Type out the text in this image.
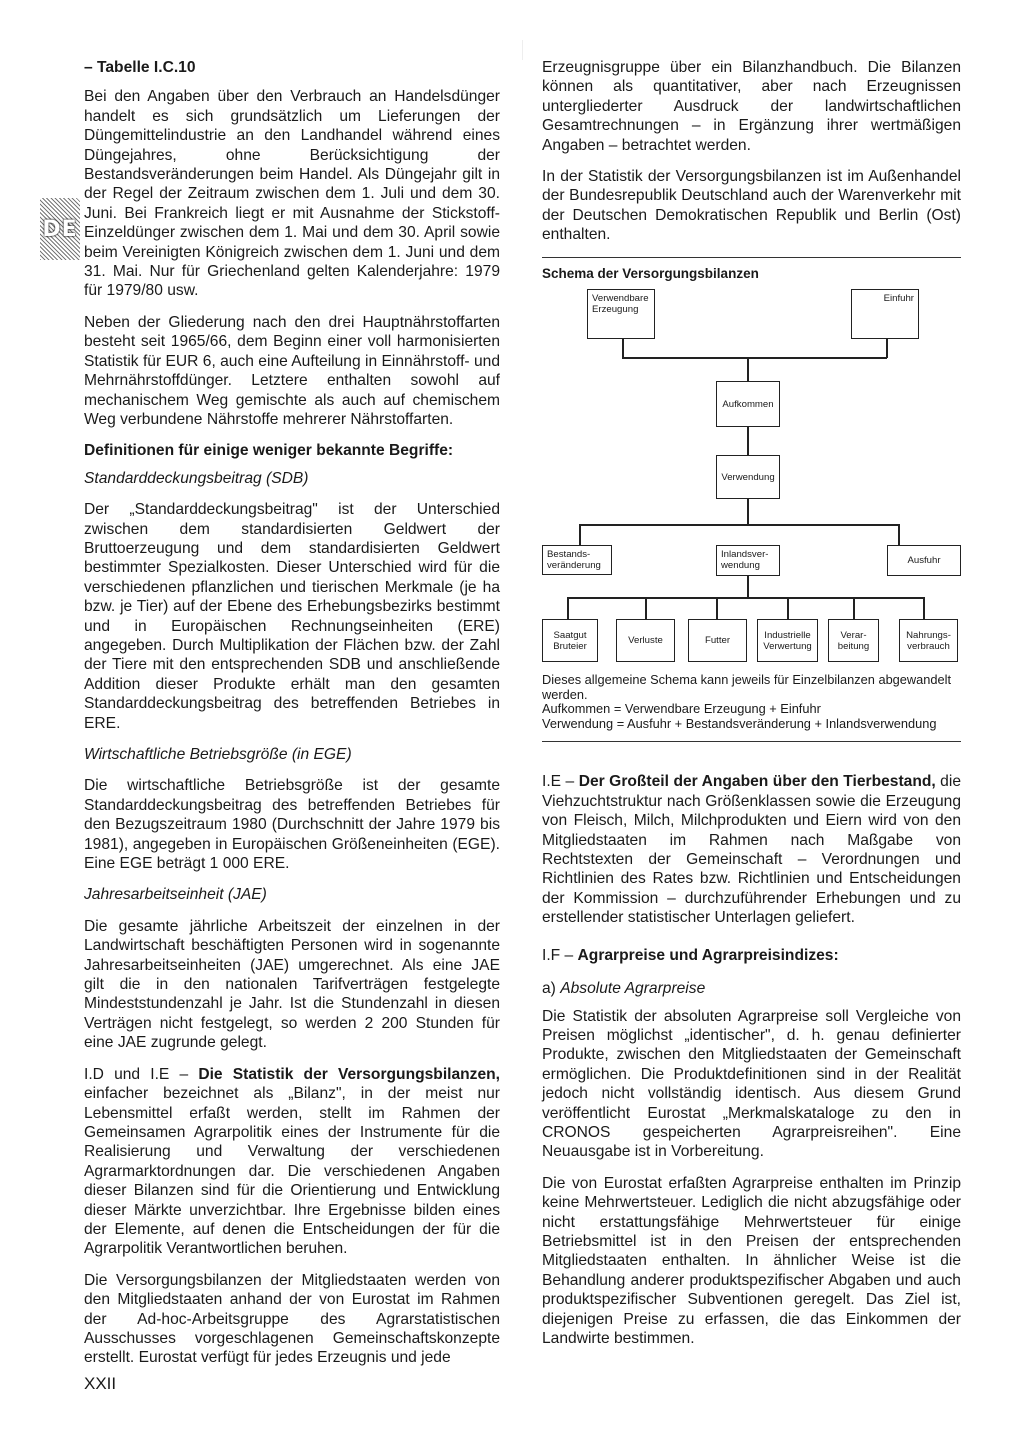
DE
– Tabelle I.C.10

Bei den Angaben über den Verbrauch an Handelsdünger handelt es sich grundsätzlich um Lieferungen der Düngemittelindustrie an den Landhandel während eines Düngejahres, ohne Berücksichtigung der Bestandsveränderungen beim Handel. Als Düngejahr gilt in der Regel der Zeitraum zwischen dem 1. Juli und dem 30. Juni. Bei Frankreich liegt er mit Ausnahme der Stickstoff-Einzeldünger zwischen dem 1. Mai und dem 30. April sowie beim Vereinigten Königreich zwischen dem 1. Juni und dem 31. Mai. Nur für Griechenland gelten Kalenderjahre: 1979 für 1979/80 usw.

Neben der Gliederung nach den drei Hauptnährstoffarten besteht seit 1965/66, dem Beginn einer voll harmonisierten Statistik für EUR 6, auch eine Aufteilung in Einnährstoff- und Mehrnährstoffdünger. Letztere enthalten sowohl auf mechanischem Weg gemischte als auch auf chemischem Weg verbundene Nährstoffe mehrerer Nährstoffarten.

Definitionen für einige weniger bekannte Begriffe:
Standarddeckungsbeitrag (SDB)

Der „Standarddeckungsbeitrag" ist der Unterschied zwischen dem standardisierten Geldwert der Bruttoerzeugung und dem standardisierten Geldwert bestimmter Spezialkosten. Dieser Unterschied wird für die verschiedenen pflanzlichen und tierischen Merkmale (je ha bzw. je Tier) auf der Ebene des Erhebungsbezirks bestimmt und in Europäischen Rechnungseinheiten (ERE) angegeben. Durch Multiplikation der Flächen bzw. der Zahl der Tiere mit den entsprechenden SDB und anschließende Addition dieser Produkte erhält man den gesamten Standarddeckungsbeitrag des betreffenden Betriebes in ERE.

Wirtschaftliche Betriebsgröße (in EGE)

Die wirtschaftliche Betriebsgröße ist der gesamte Standarddeckungsbeitrag des betreffenden Betriebes für den Bezugszeitraum 1980 (Durchschnitt der Jahre 1979 bis 1981), angegeben in Europäischen Größeneinheiten (EGE). Eine EGE beträgt 1 000 ERE.

Jahresarbeitseinheit (JAE)

Die gesamte jährliche Arbeitszeit der einzelnen in der Landwirtschaft beschäftigten Personen wird in sogenannte Jahresarbeitseinheiten (JAE) umgerechnet. Als eine JAE gilt die in den nationalen Tarifverträgen festgelegte Mindeststundenzahl je Jahr. Ist die Stundenzahl in diesen Verträgen nicht festgelegt, so werden 2 200 Stunden für eine JAE zugrunde gelegt.

I.D und I.E – Die Statistik der Versorgungsbilanzen, einfacher bezeichnet als „Bilanz", in der meist nur Lebensmittel erfaßt werden, stellt im Rahmen der Gemeinsamen Agrarpolitik eines der Instrumente für die Realisierung und Verwaltung der verschiedenen Agrarmarktordnungen dar. Die verschiedenen Angaben dieser Bilanzen sind für die Orientierung und Entwicklung dieser Märkte unverzichtbar. Ihre Ergebnisse bilden eines der Elemente, auf denen die Entscheidungen der für die Agrarpolitik Verantwortlichen beruhen.

Die Versorgungsbilanzen der Mitgliedstaaten werden von den Mitgliedstaaten anhand der von Eurostat im Rahmen der Ad-hoc-Arbeitsgruppe des Agrarstatistischen Ausschusses vorgeschlagenen Gemeinschaftskonzepte erstellt. Eurostat verfügt für jedes Erzeugnis und jede

Erzeugnisgruppe über ein Bilanzhandbuch. Die Bilanzen können als quantitativer, aber nach Erzeugnissen untergliederter Ausdruck der landwirtschaftlichen Gesamtrechnungen – in Ergänzung ihrer wertmäßigen Angaben – betrachtet werden.

In der Statistik der Versorgungsbilanzen ist im Außenhandel der Bundesrepublik Deutschland auch der Warenverkehr mit der Deutschen Demokratischen Republik und Berlin (Ost) enthalten.

Schema der Versorgungsbilanzen
Verwendbare Erzeugung
Einfuhr
Aufkommen
Verwendung
Bestands- veränderung
Inlandsver- wendung	Ausfuhr
Saatgut Bruteier	Verluste	Futter	Industrielle Verwertung
Verar- beitung
Nahrungs- verbrauch
Dieses allgemeine Schema kann jeweils für Einzelbilanzen abgewandelt werden.
Aufkommen = Verwendbare Erzeugung + Einfuhr
Verwendung = Ausfuhr + Bestandsveränderung + Inlandsverwendung

I.E – Der Großteil der Angaben über den Tierbestand, die Viehzuchtstruktur nach Größenklassen sowie die Erzeugung von Fleisch, Milch, Milchprodukten und Eiern wird von den Mitgliedstaaten im Rahmen nach Maßgabe von Rechtstexten der Gemeinschaft – Verordnungen und Richtlinien des Rates bzw. Richtlinien und Entscheidungen der Kommission – durchzuführender Erhebungen und zu erstellender statistischer Unterlagen geliefert.

I.F – Agrarpreise und Agrarpreisindizes:

a) Absolute Agrarpreise

Die Statistik der absoluten Agrarpreise soll Vergleiche von Preisen möglichst „identischer", d. h. genau definierter Produkte, zwischen den Mitgliedstaaten der Gemeinschaft ermöglichen. Die Produktdefinitionen sind in der Realität jedoch nicht vollständig identisch. Aus diesem Grund veröffentlicht Eurostat „Merkmalskataloge zu den in CRONOS gespeicherten Agrarpreisreihen". Eine Neuausgabe ist in Vorbereitung.

Die von Eurostat erfaßten Agrarpreise enthalten im Prinzip keine Mehrwertsteuer. Lediglich die nicht abzugsfähige oder nicht erstattungsfähige Mehrwertsteuer für einige Betriebsmittel ist in den Preisen der entsprechenden Mitgliedstaaten enthalten. In ähnlicher Weise ist die Behandlung anderer produktspezifischer Abgaben und auch produktspezifischer Subventionen geregelt. Das Ziel ist, diejenigen Preise zu erfassen, die das Einkommen der Landwirte bestimmen.

XXII
